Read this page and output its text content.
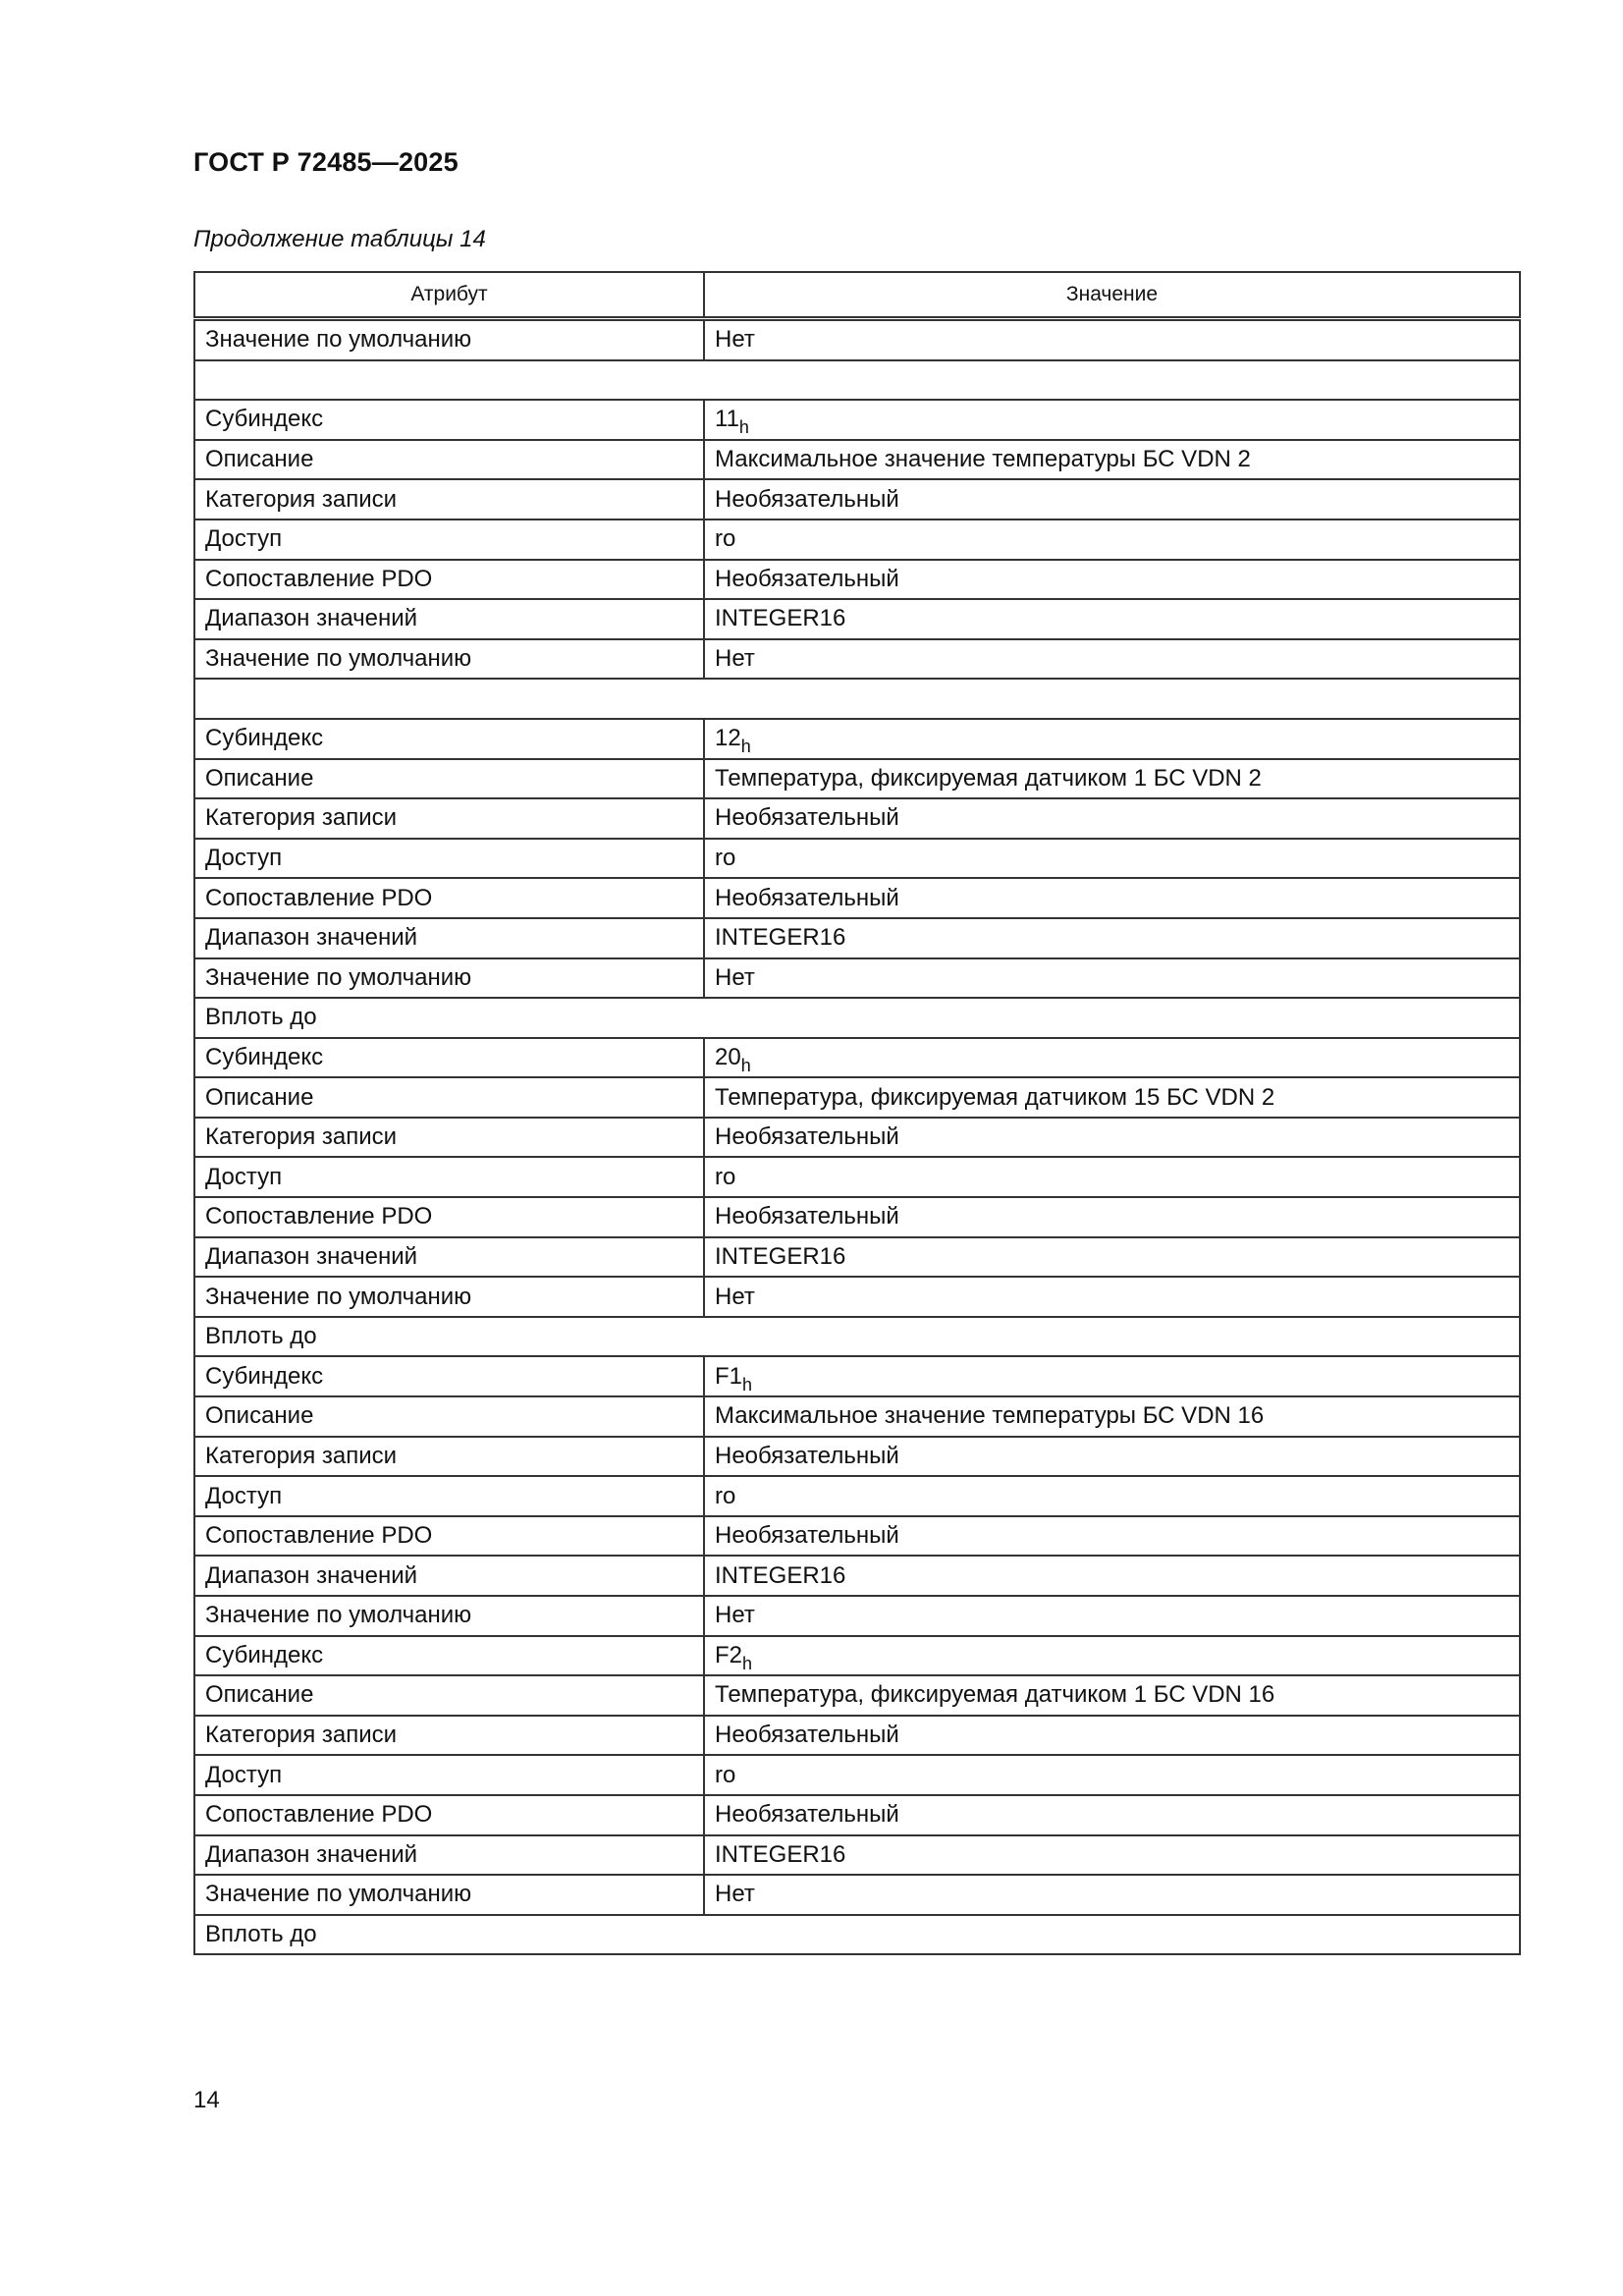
ГОСТ Р 72485—2025
Продолжение таблицы 14
Атрибут	Значение
Значение по умолчанию	Нет

Субиндекс	$11_h$
Описание	Максимальное значение температуры БС VDN 2
Категория записи	Необязательный
Доступ	ro
Сопоставление PDO	Необязательный
Диапазон значений	INTEGER16
Значение по умолчанию	Нет

Субиндекс	$12_h$
Описание	Температура, фиксируемая датчиком 1 БС VDN 2
Категория записи	Необязательный
Доступ	ro
Сопоставление PDO	Необязательный
Диапазон значений	INTEGER16
Значение по умолчанию	Нет
Вплоть до	
Субиндекс	$20_h$
Описание	Температура, фиксируемая датчиком 15 БС VDN 2
Категория записи	Необязательный
Доступ	ro
Сопоставление PDO	Необязательный
Диапазон значений	INTEGER16
Значение по умолчанию	Нет
Вплоть до	
Субиндекс	$F1_h$
Описание	Максимальное значение температуры БС VDN 16
Категория записи	Необязательный
Доступ	ro
Сопоставление PDO	Необязательный
Диапазон значений	INTEGER16
Значение по умолчанию	Нет
Субиндекс	$F2_h$
Описание	Температура, фиксируемая датчиком 1 БС VDN 16
Категория записи	Необязательный
Доступ	ro
Сопоставление PDO	Необязательный
Диапазон значений	INTEGER16
Значение по умолчанию	Нет
Вплоть до	
14
